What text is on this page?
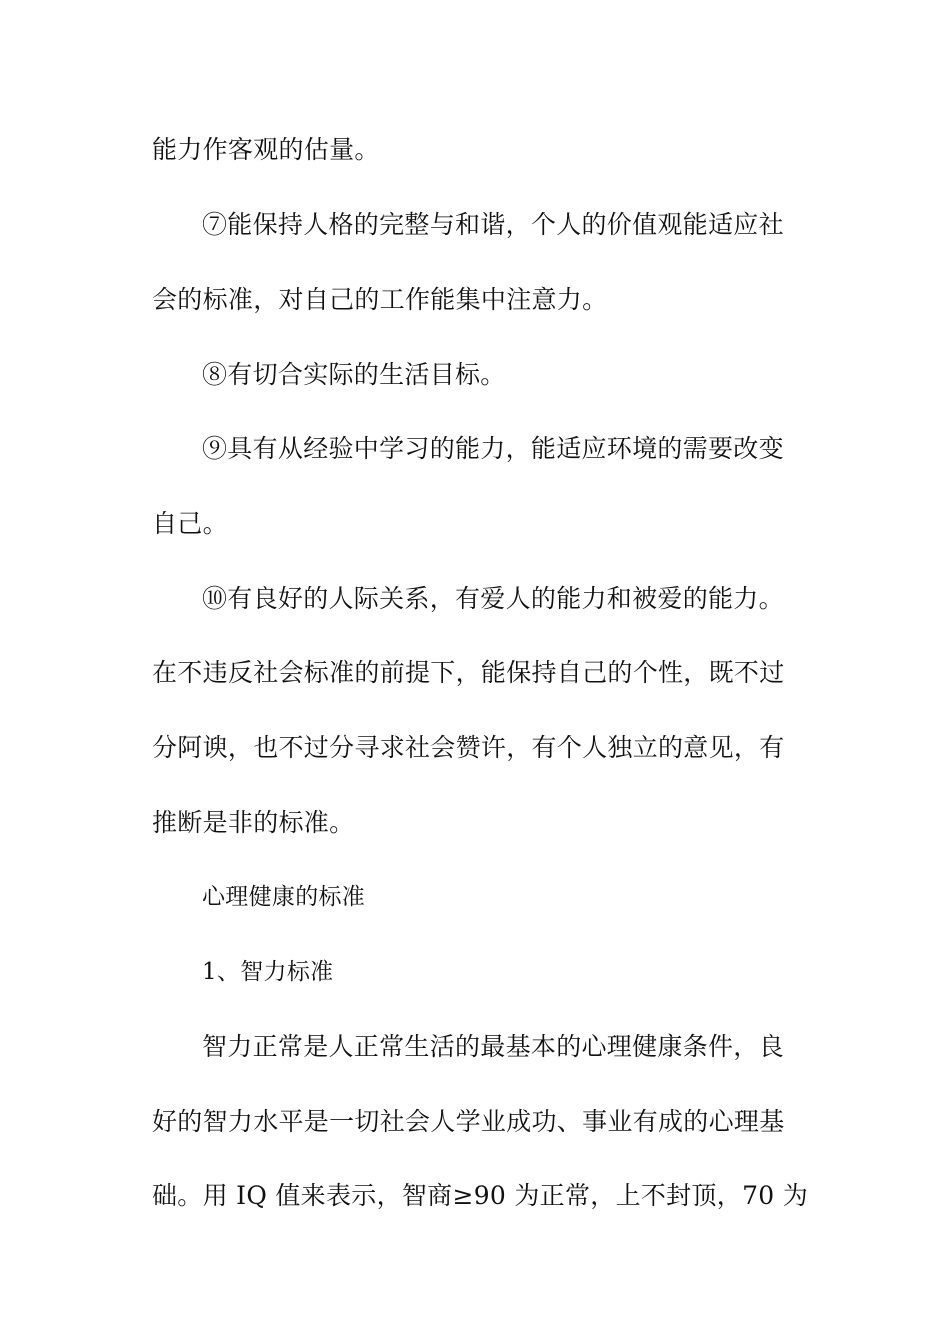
能力作客观的估量。
⑦能保持人格的完整与和谐，个人的价值观能适应社
会的标准，对自己的工作能集中注意力。
⑧有切合实际的生活目标。
⑨具有从经验中学习的能力，能适应环境的需要改变
自己。
⑩有良好的人际关系，有爱人的能力和被爱的能力。
在不违反社会标准的前提下，能保持自己的个性，既不过
分阿谀，也不过分寻求社会赞许，有个人独立的意见，有
推断是非的标准。
心理健康的标准
1、智力标准
智力正常是人正常生活的最基本的心理健康条件，良
好的智力水平是一切社会人学业成功、事业有成的心理基
础。用 IQ 值来表示，智商≥90 为正常，上不封顶，70 为
